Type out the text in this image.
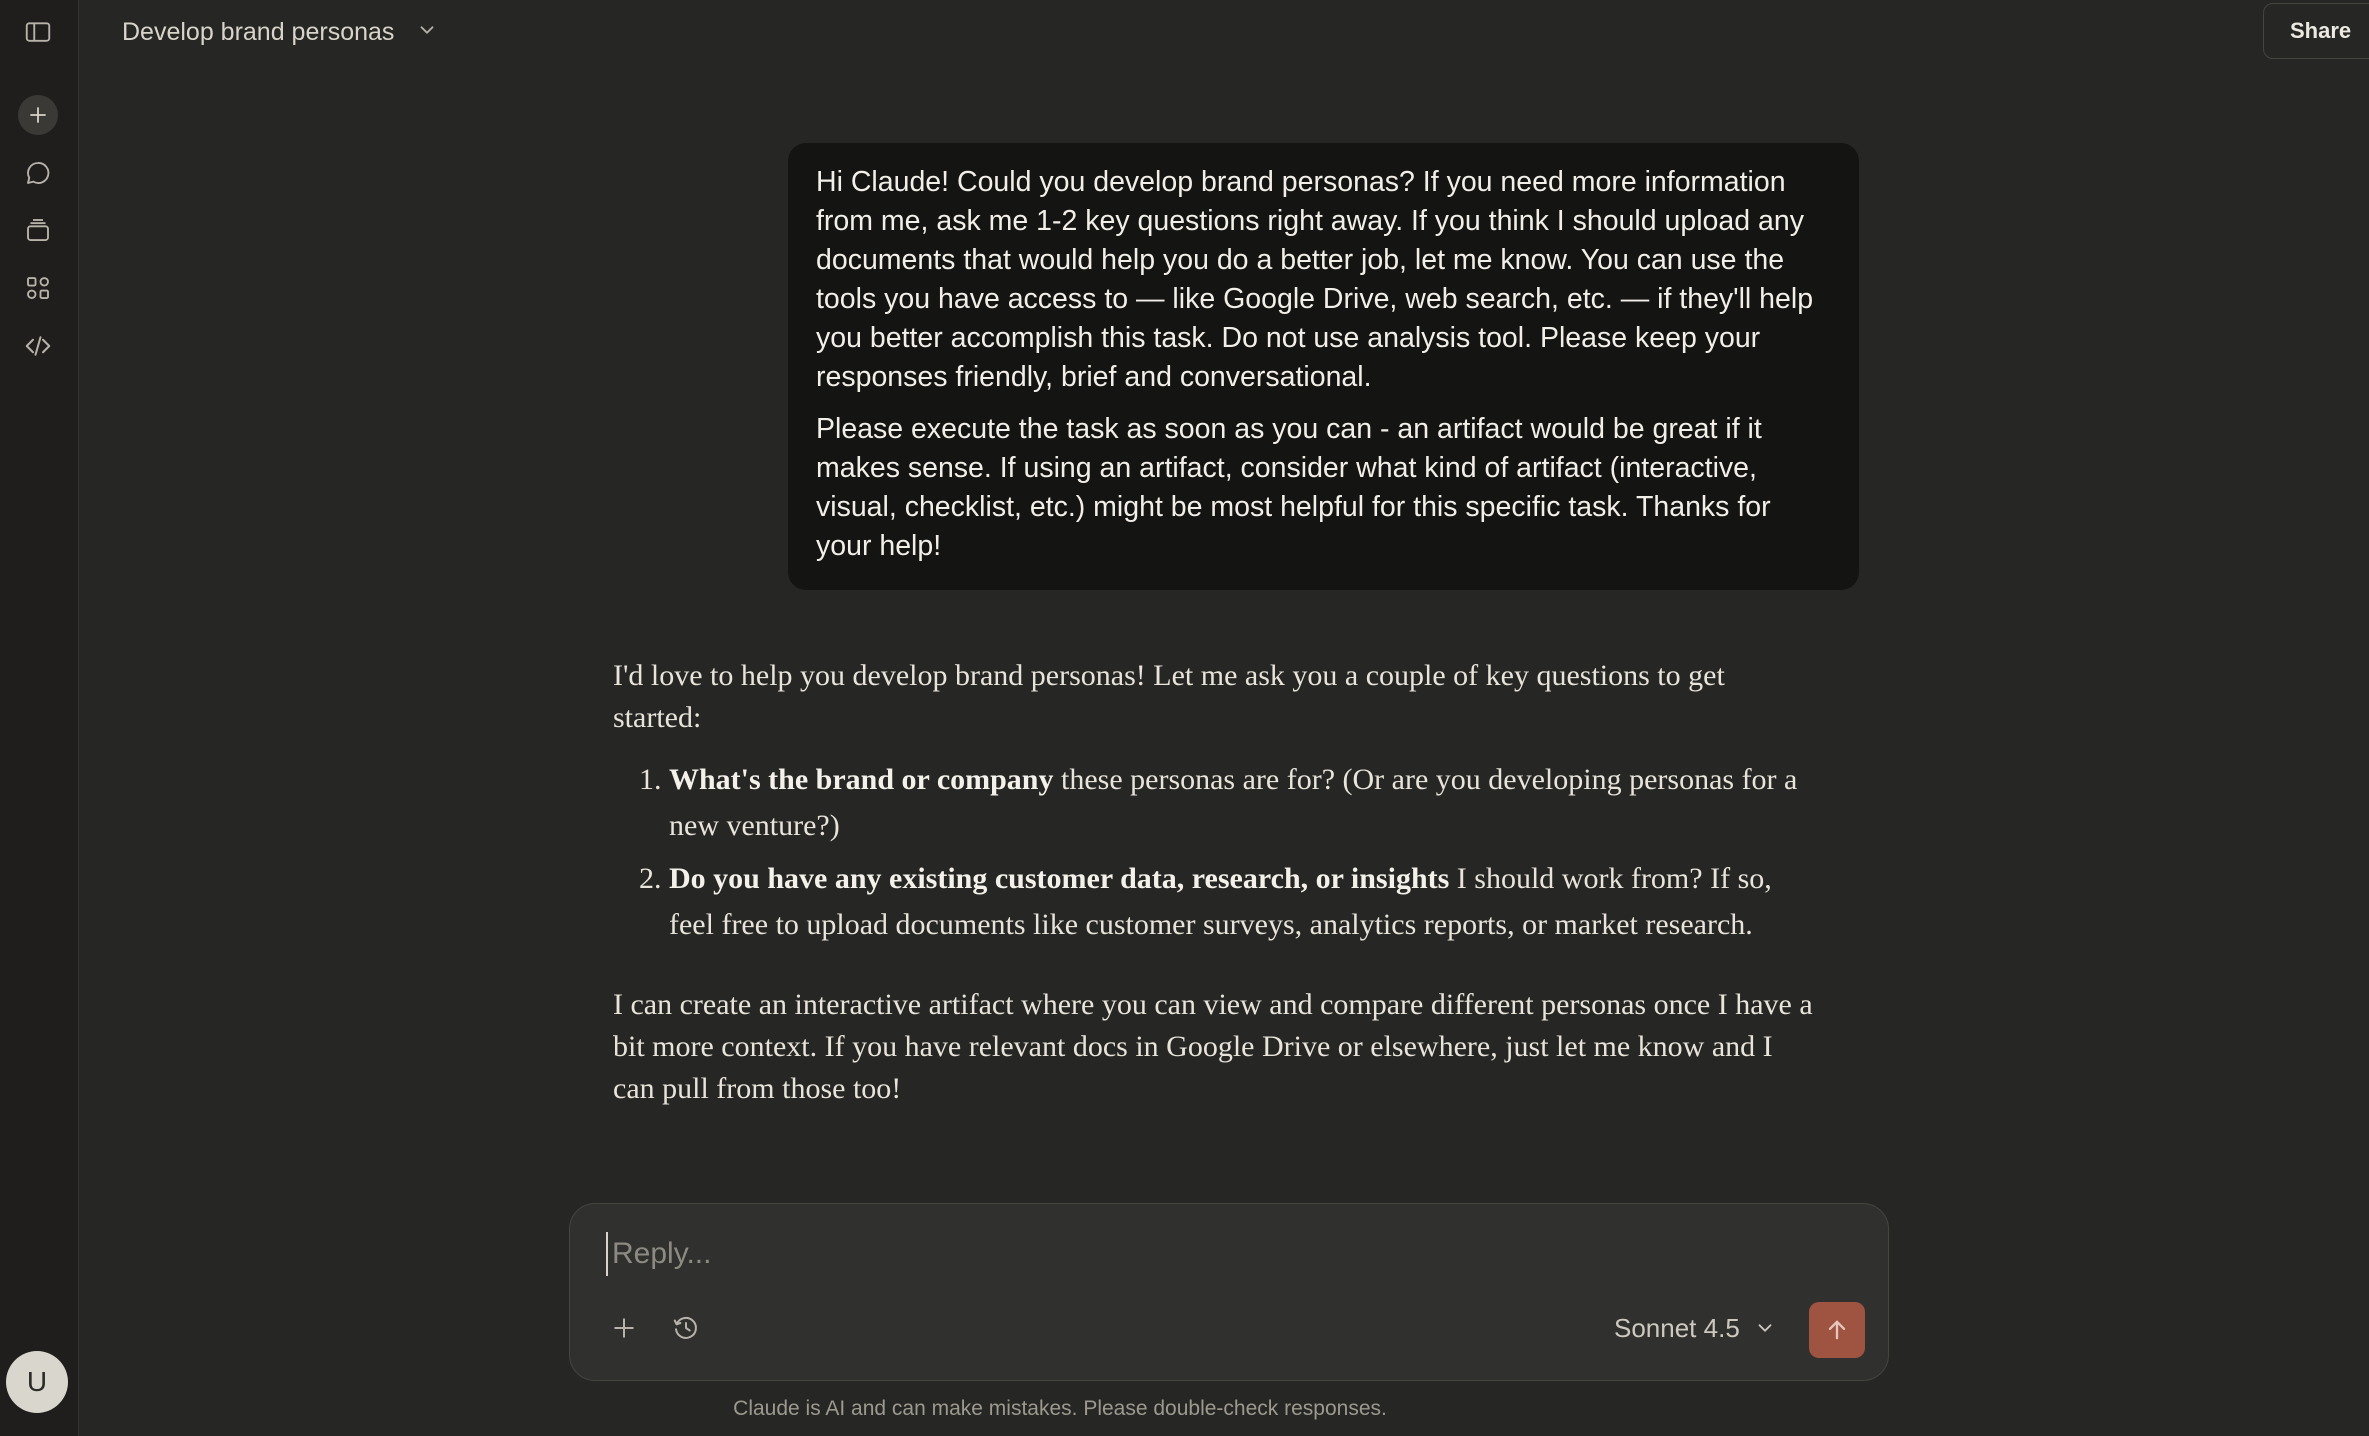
U
Develop brand personas	Share

Hi Claude! Could you develop brand personas? If you need more information from me, ask me 1-2 key questions right away. If you think I should upload any documents that would help you do a better job, let me know. You can use the tools you have access to — like Google Drive, web search, etc. — if they'll help you better accomplish this task. Do not use analysis tool. Please keep your responses friendly, brief and conversational.

Please execute the task as soon as you can - an artifact would be great if it makes sense. If using an artifact, consider what kind of artifact (interactive, visual, checklist, etc.) might be most helpful for this specific task. Thanks for your help!

I'd love to help you develop brand personas! Let me ask you a couple of key questions to get started:

1. What's the brand or company these personas are for? (Or are you developing personas for a new venture?)
2. Do you have any existing customer data, research, or insights I should work from? If so, feel free to upload documents like customer surveys, analytics reports, or market research.

I can create an interactive artifact where you can view and compare different personas once I have a bit more context. If you have relevant docs in Google Drive or elsewhere, just let me know and I can pull from those too!

Reply...
Sonnet 4.5
Claude is AI and can make mistakes. Please double-check responses.
